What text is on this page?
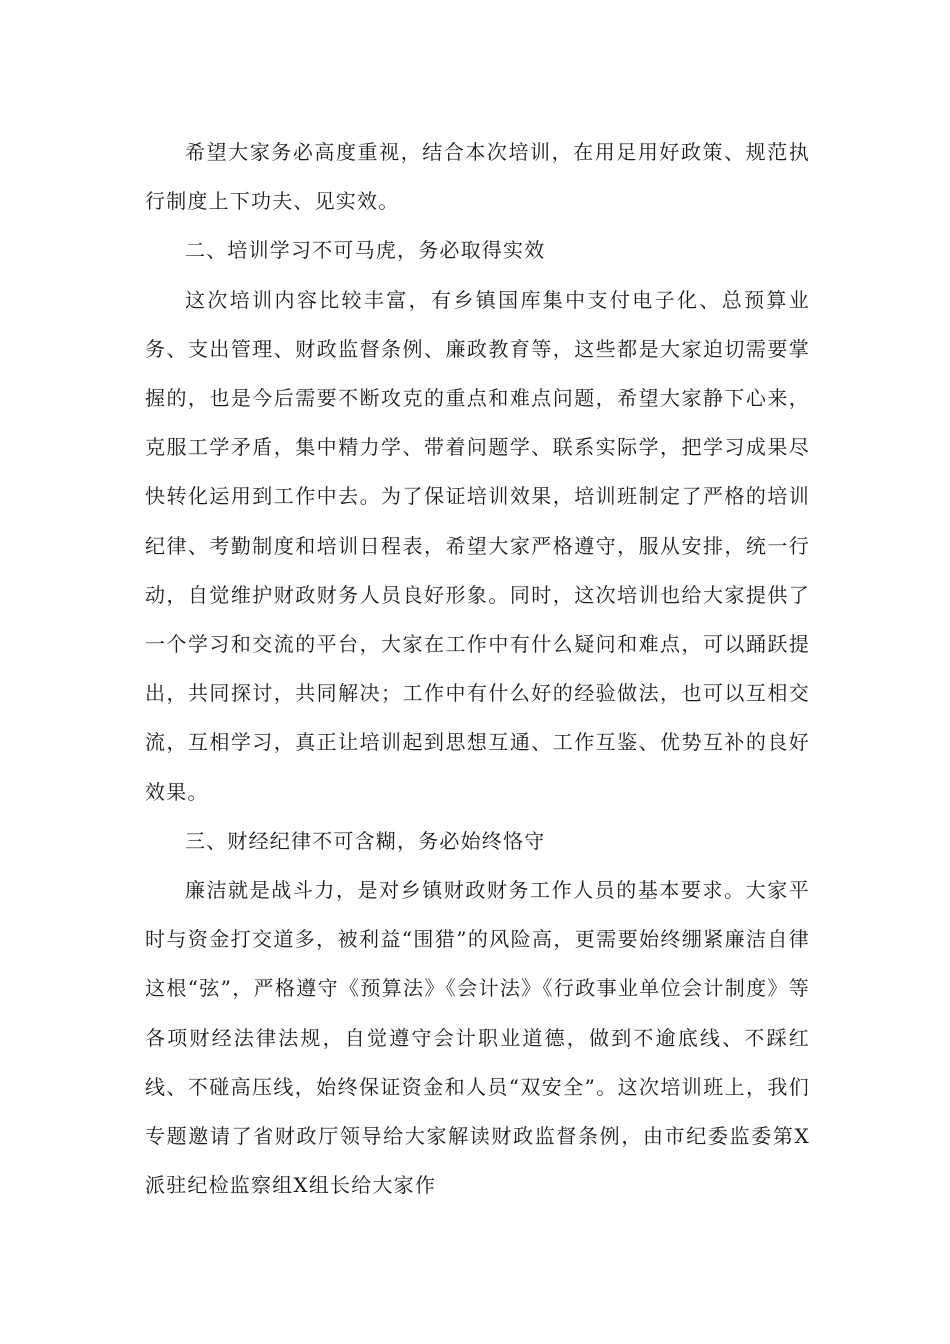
希望大家务必高度重视，结合本次培训，在用足用好政策、规范执行制度上下功夫、见实效。

二、培训学习不可马虎，务必取得实效

这次培训内容比较丰富，有乡镇国库集中支付电子化、总预算业务、支出管理、财政监督条例、廉政教育等，这些都是大家迫切需要掌握的，也是今后需要不断攻克的重点和难点问题，希望大家静下心来，克服工学矛盾，集中精力学、带着问题学、联系实际学，把学习成果尽快转化运用到工作中去。为了保证培训效果，培训班制定了严格的培训纪律、考勤制度和培训日程表，希望大家严格遵守，服从安排，统一行动，自觉维护财政财务人员良好形象。同时，这次培训也给大家提供了一个学习和交流的平台，大家在工作中有什么疑问和难点，可以踊跃提出，共同探讨，共同解决；工作中有什么好的经验做法，也可以互相交流，互相学习，真正让培训起到思想互通、工作互鉴、优势互补的良好效果。

三、财经纪律不可含糊，务必始终恪守

廉洁就是战斗力，是对乡镇财政财务工作人员的基本要求。大家平时与资金打交道多，被利益“围猎”的风险高，更需要始终绷紧廉洁自律这根“弦”，严格遵守《预算法》《会计法》《行政事业单位会计制度》等各项财经法律法规，自觉遵守会计职业道德，做到不逾底线、不踩红线、不碰高压线，始终保证资金和人员“双安全”。这次培训班上，我们专题邀请了省财政厅领导给大家解读财政监督条例，由市纪委监委第X派驻纪检监察组X组长给大家作
